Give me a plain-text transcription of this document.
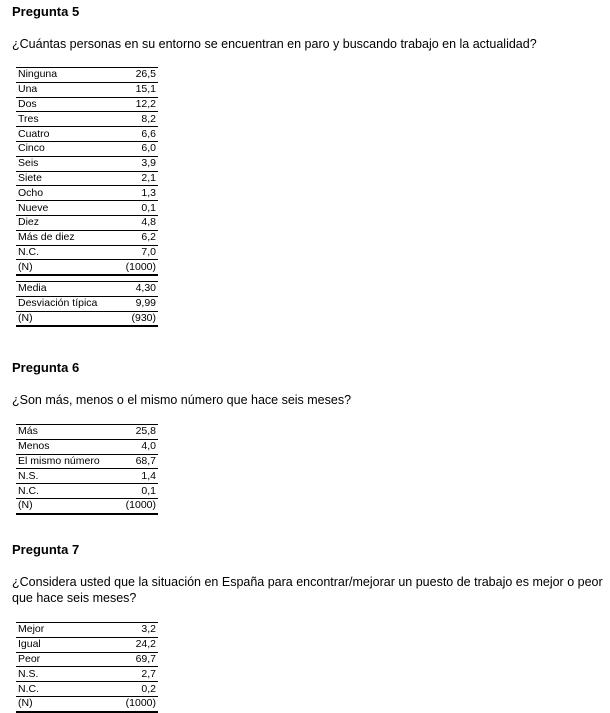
Pregunta 5
¿Cuántas personas en su entorno se encuentran en paro y buscando trabajo en la actualidad?
Ninguna	26,5
Una	15,1
Dos	12,2
Tres	8,2
Cuatro	6,6
Cinco	6,0
Seis	3,9
Siete	2,1
Ocho	1,3
Nueve	0,1
Diez	4,8
Más de diez	6,2
N.C.	7,0
(N)	(1000)
Media	4,30
Desviación típica	9,99
(N)	(930)
Pregunta 6
¿Son más, menos o el mismo número que hace seis meses?
Más	25,8
Menos	4,0
El mismo número	68,7
N.S.	1,4
N.C.	0,1
(N)	(1000)
Pregunta 7
¿Considera usted que la situación en España para encontrar/mejorar un puesto de trabajo es mejor o peor que hace seis meses?
Mejor	3,2
Igual	24,2
Peor	69,7
N.S.	2,7
N.C.	0,2
(N)	(1000)
